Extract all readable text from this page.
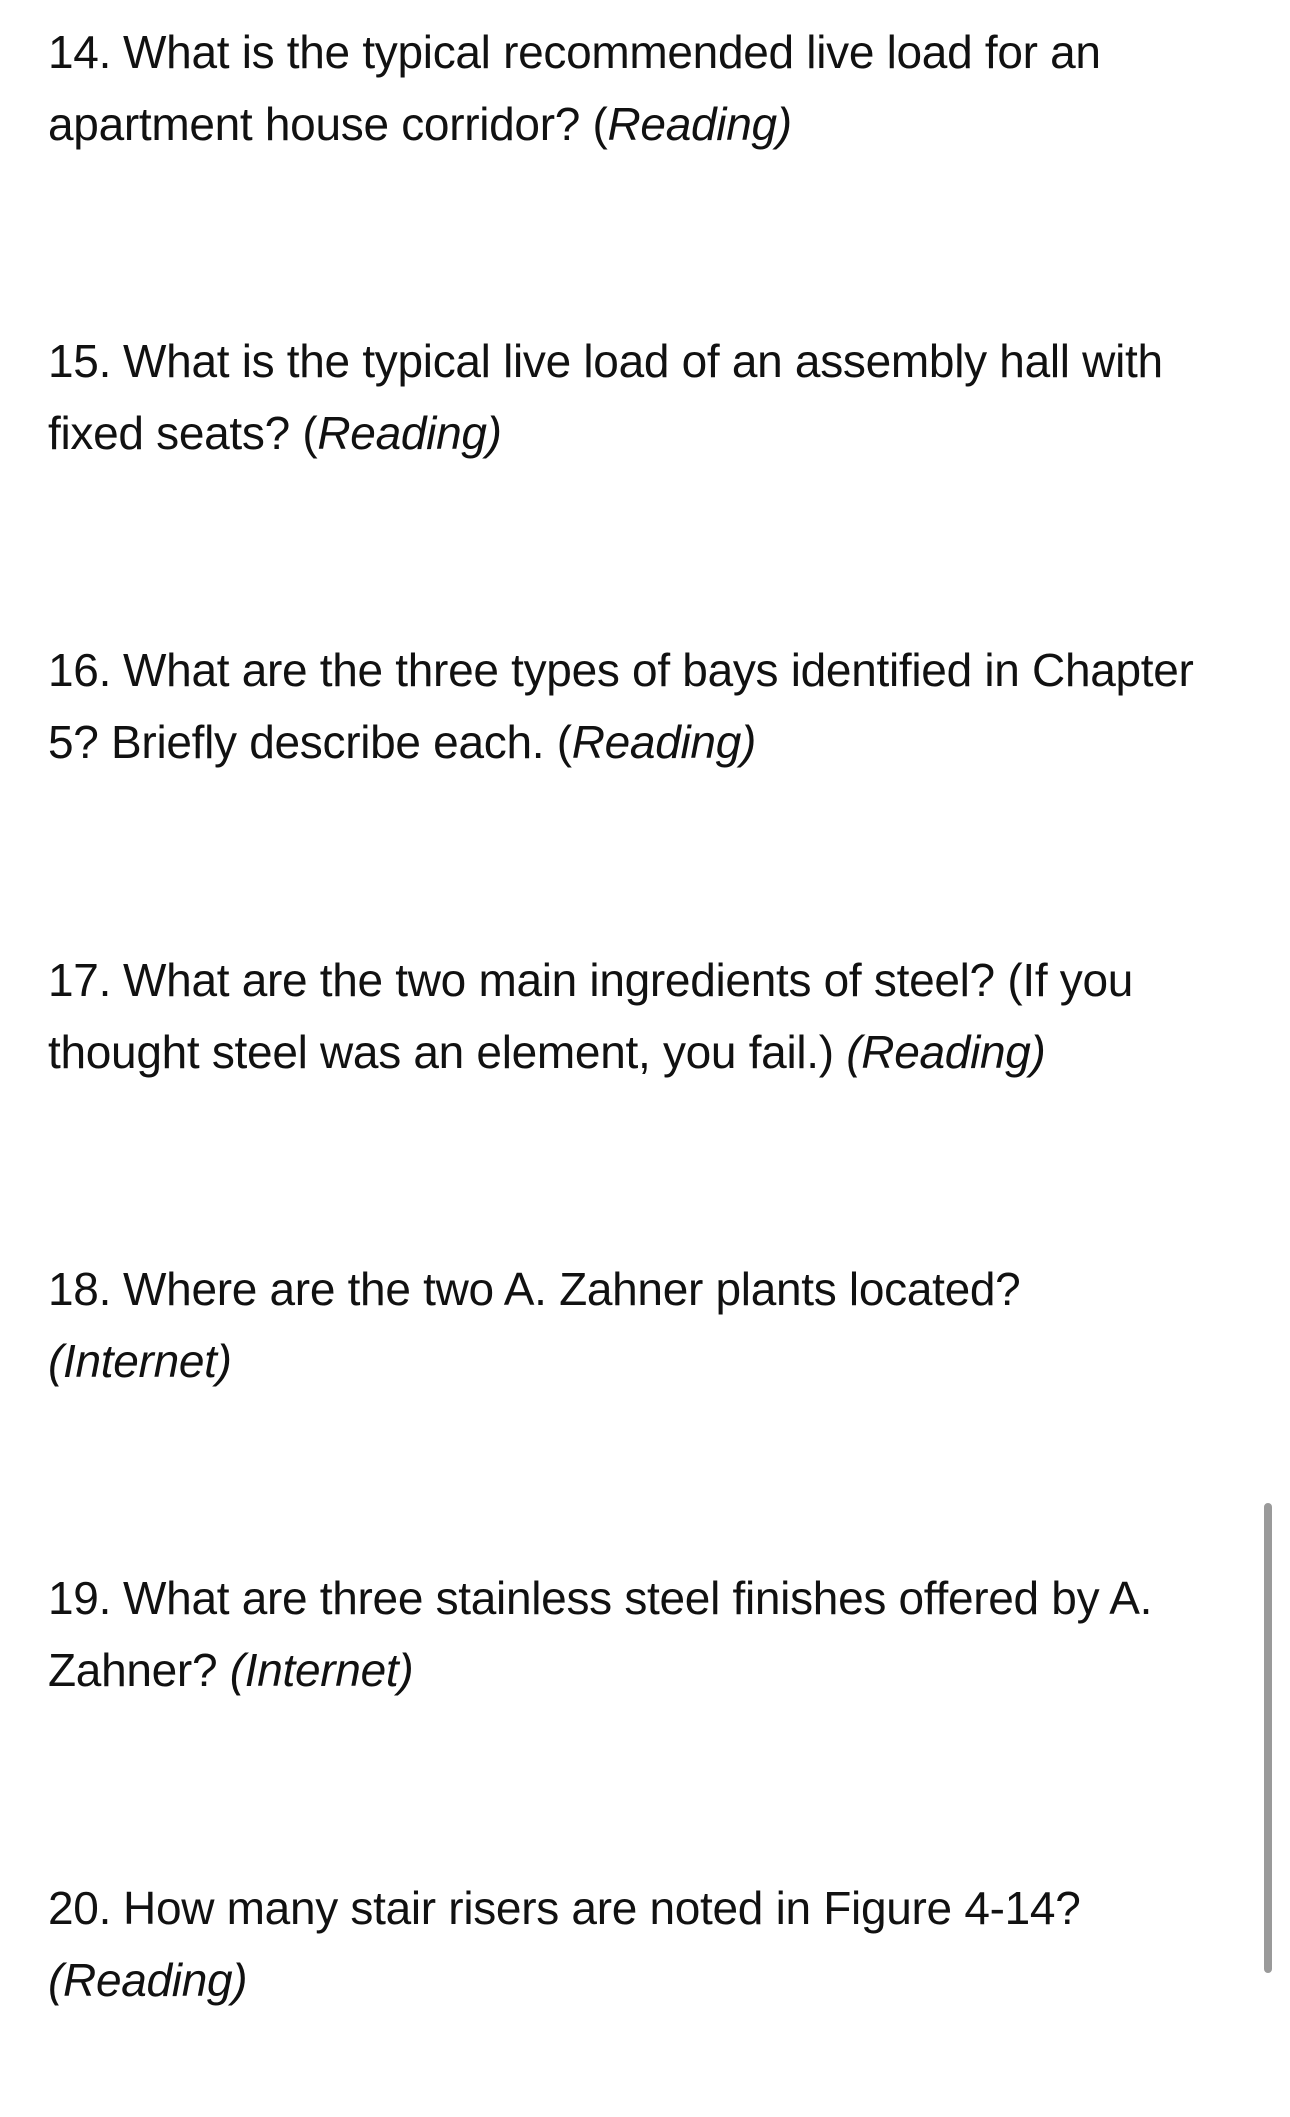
14. What is the typical recommended live load for an apartment house corridor? (Reading)

15. What is the typical live load of an assembly hall with fixed seats? (Reading)

16. What are the three types of bays identified in Chapter 5? Briefly describe each. (Reading)

17. What are the two main ingredients of steel? (If you thought steel was an element, you fail.) (Reading)

18. Where are the two A. Zahner plants located? (Internet)

19. What are three stainless steel finishes offered by A. Zahner? (Internet)

20. How many stair risers are noted in Figure 4-14? (Reading)
